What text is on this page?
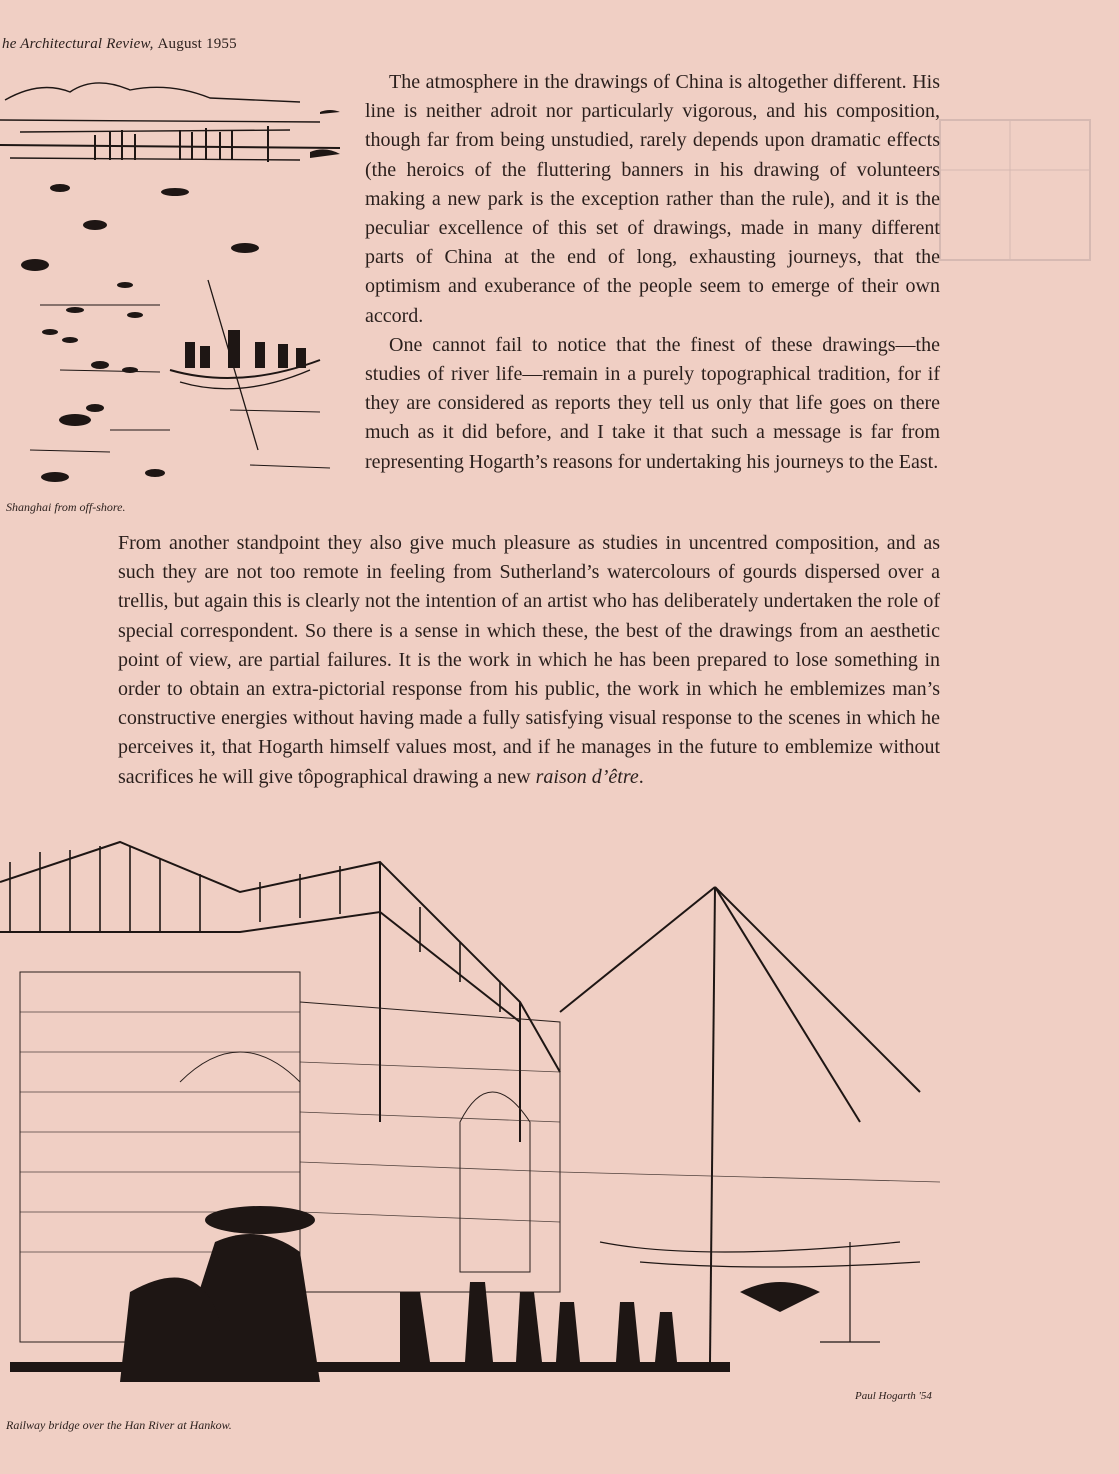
he Architectural Review, August 1955
Shanghai from off-shore.

The atmosphere in the drawings of China is altogether different. His line is neither adroit nor particularly vigorous, and his composition, though far from being unstudied, rarely depends upon dramatic effects (the heroics of the fluttering banners in his drawing of volunteers making a new park is the exception rather than the rule), and it is the peculiar excellence of this set of drawings, made in many different parts of China at the end of long, exhausting journeys, that the optimism and exuberance of the people seem to emerge of their own accord.

One cannot fail to notice that the finest of these drawings—the studies of river life—remain in a purely topographical tradition, for if they are considered as reports they tell us only that life goes on there much as it did before, and I take it that such a message is far from representing Hogarth’s reasons for undertaking his journeys to the East.

From another standpoint they also give much pleasure as studies in uncentred composition, and as such they are not too remote in feeling from Sutherland’s watercolours of gourds dispersed over a trellis, but again this is clearly not the intention of an artist who has deliberately undertaken the role of special correspondent. So there is a sense in which these, the best of the drawings from an aesthetic point of view, are partial failures. It is the work in which he has been prepared to lose something in order to obtain an extra-pictorial response from his public, the work in which he emblemizes man’s constructive energies without having made a fully satisfying visual response to the scenes in which he perceives it, that Hogarth himself values most, and if he manages in the future to emblemize without sacrifices he will give tôpographical drawing a new raison d’être.

Paul Hogarth '54
Railway bridge over the Han River at Hankow.
